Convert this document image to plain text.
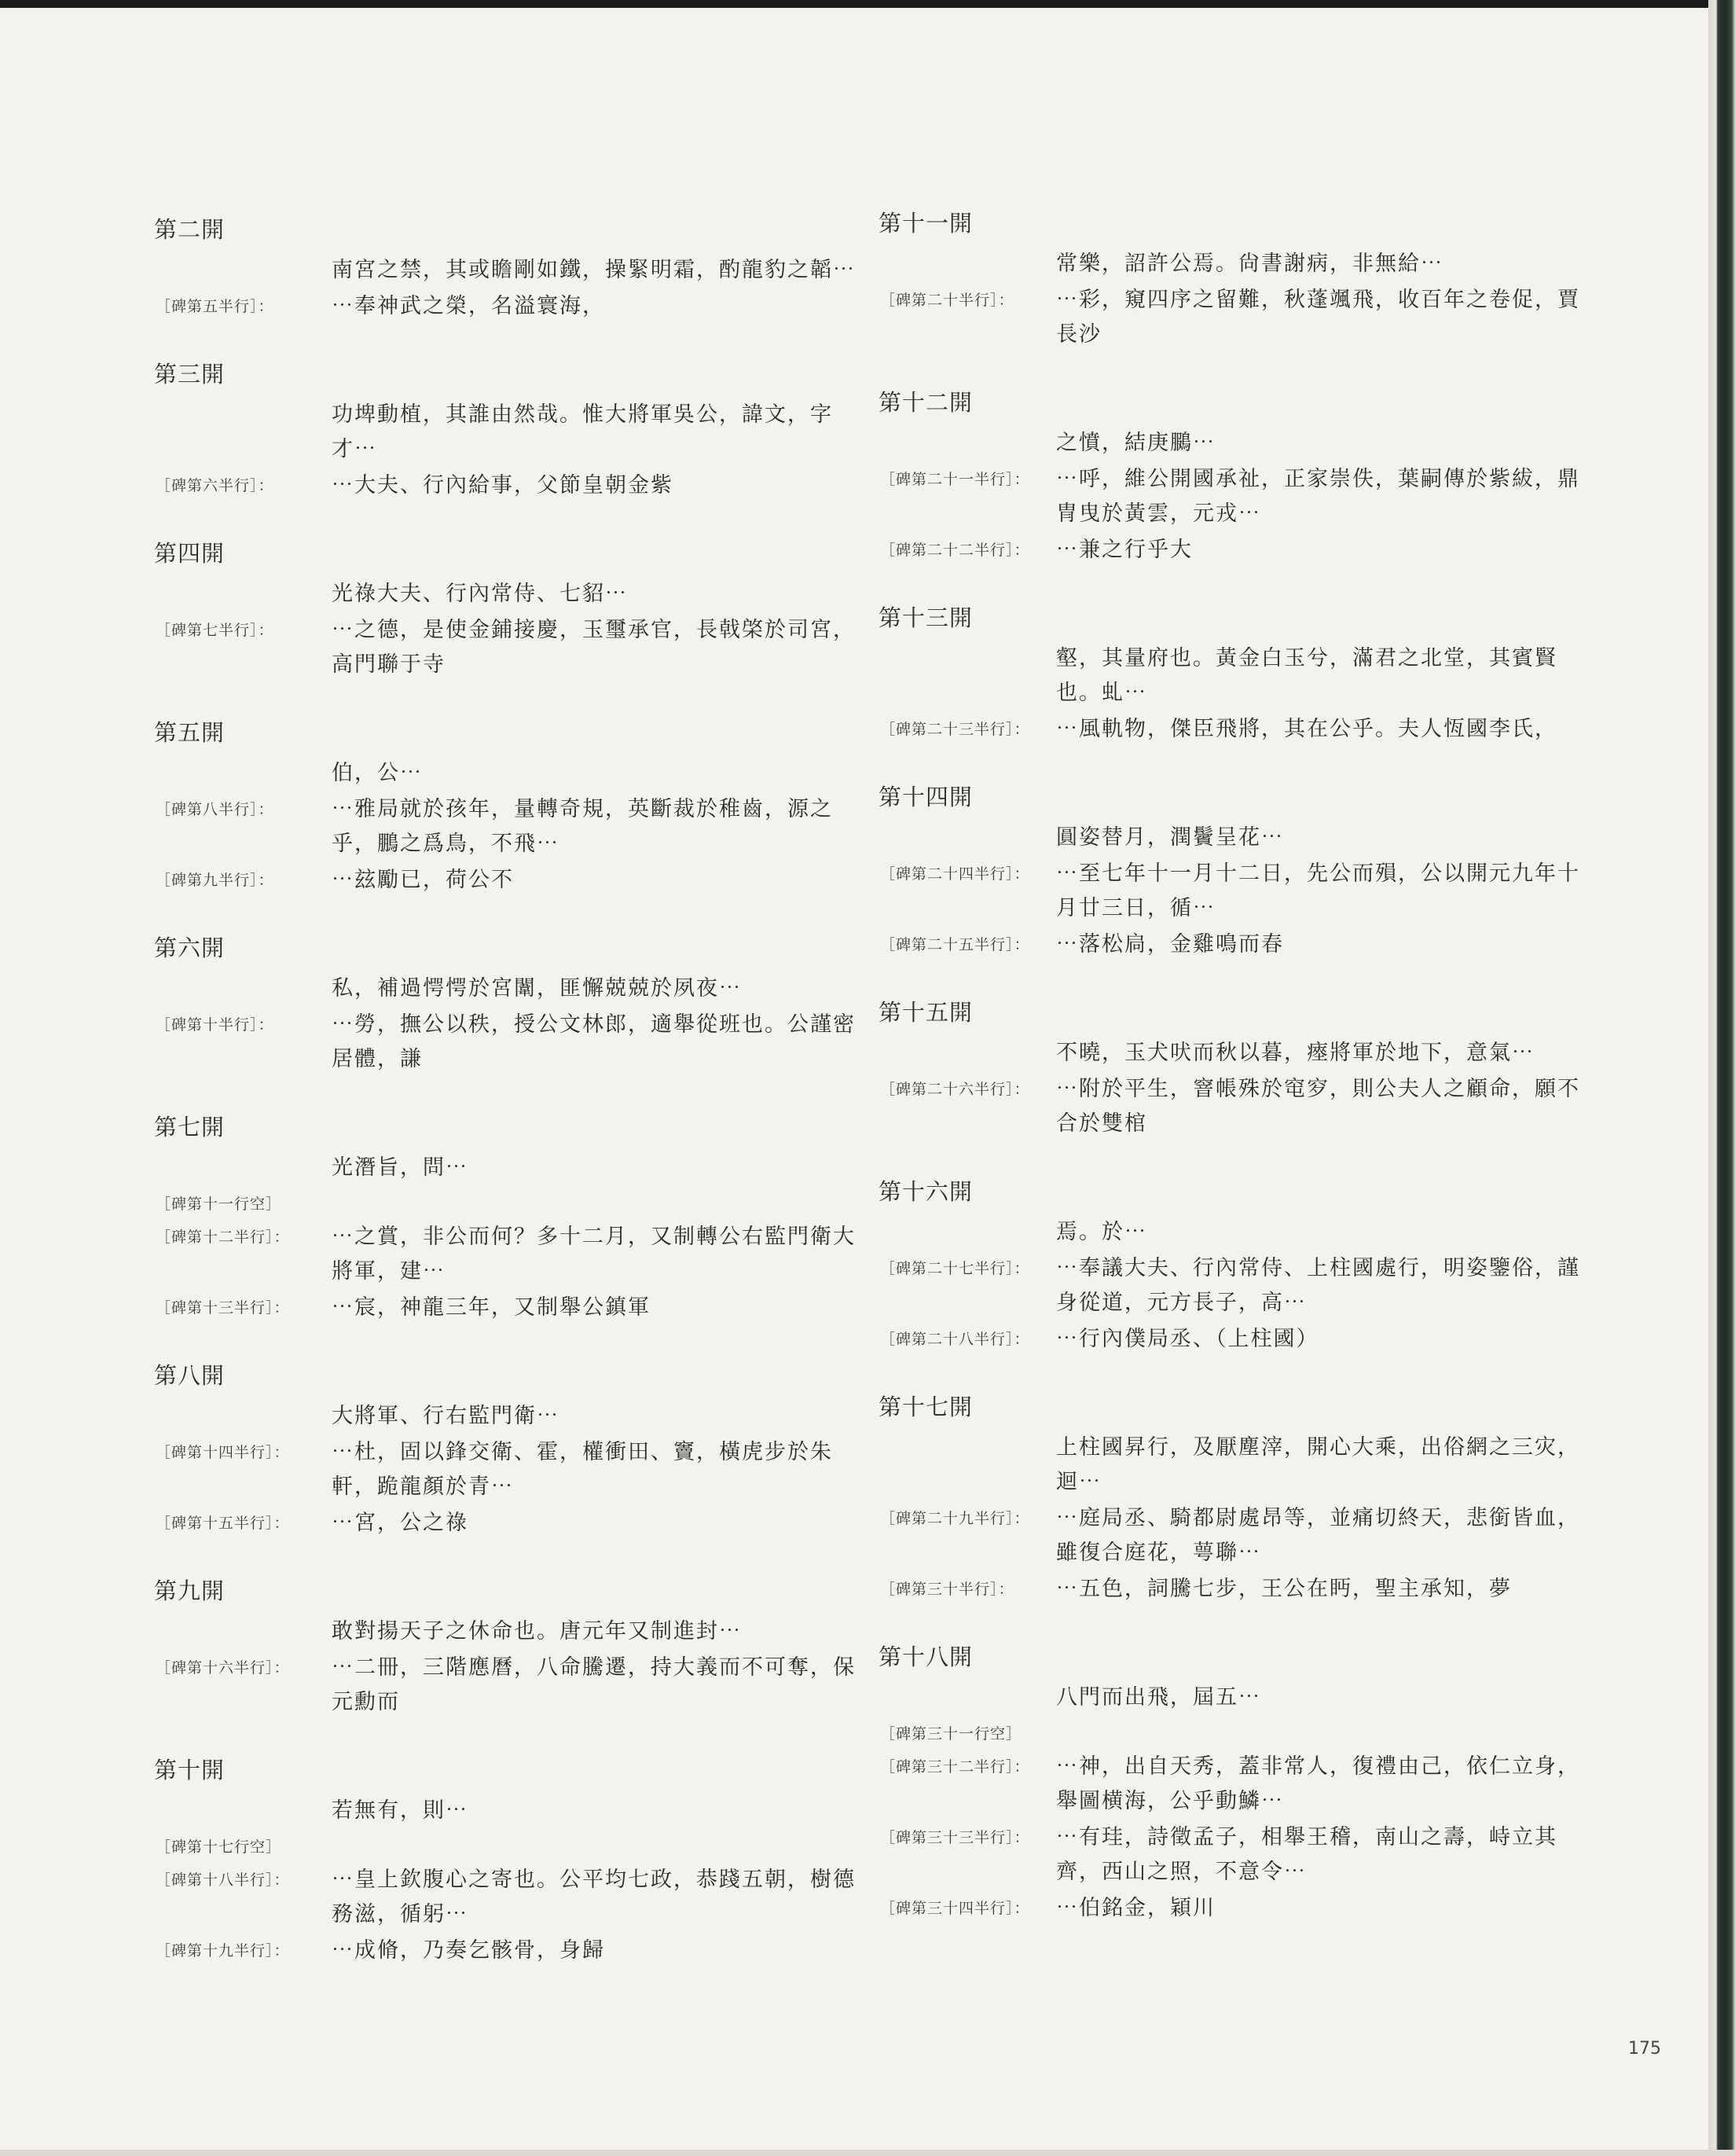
第二開
南宮之禁，其或瞻剛如鐵，操緊明霜，酌龍豹之韜⋯
［碑第五半行］：	⋯奉神武之榮，名溢寰海，
第三開
功埤動植，其誰由然哉。惟大將軍吳公，諱文，字才⋯
［碑第六半行］：	⋯大夫、行內給事，父節皇朝金紫
第四開
光祿大夫、行內常侍、七貂⋯
［碑第七半行］：	⋯之德，是使金鋪接慶，玉璽承官，長戟棨於司宮，高門聯于寺
第五開
伯，公⋯
［碑第八半行］：	⋯雅局就於孩年，量轉奇規，英斷裁於稚齒，源之乎，鵬之爲鳥，不飛⋯
［碑第九半行］：	⋯玆勵已，荷公不
第六開
私，補過愕愕於宮闈，匪懈兢兢於夙夜⋯
［碑第十半行］：	⋯勞，撫公以秩，授公文林郎，適舉從班也。公謹密居體，謙
第七開
光潛旨，問⋯
［碑第十一行空］
［碑第十二半行］： ⋯之賞，非公而何？多十二月，又制轉公右監門衛大將軍，建⋯
［碑第十三半行］： ⋯宸，神龍三年，又制舉公鎮軍
第八開
大將軍、行右監門衛⋯
［碑第十四半行］： ⋯杜，固以鋒交衛、霍，權衝田、竇，橫虎步於朱軒，跪龍顏於青⋯
［碑第十五半行］： ⋯宮，公之祿
第九開
敢對揚天子之休命也。唐元年又制進封⋯
［碑第十六半行］： ⋯二冊，三階應曆，八命騰遷，持大義而不可奪，保元勳而
第十開
若無有，則⋯
［碑第十七行空］
［碑第十八半行］： ⋯皇上欽腹心之寄也。公平均七政，恭踐五朝，樹德務滋，循躬⋯
［碑第十九半行］： ⋯成脩，乃奏乞骸骨，身歸
第十一開
常樂，詔許公焉。尙書謝病，非無給⋯
［碑第二十半行］： ⋯彩，窺四序之留難，秋蓬颯飛，收百年之卷促，賈長沙
第十二開
之憤，結庚鵩⋯
［碑第二十一半行］： ⋯呼，維公開國承祉，正家崇佚，葉嗣傳於紫紱，鼎冑曳於黃雲，元戎⋯
［碑第二十二半行］： ⋯兼之行乎大
第十三開
壑，其量府也。黃金白玉兮，滿君之北堂，其賓賢也。虬⋯
［碑第二十三半行］： ⋯風軌物，傑臣飛將，其在公乎。夫人恆國李氏，
第十四開
圓姿替月，潤鬢呈花⋯
［碑第二十四半行］： ⋯至七年十一月十二日，先公而殞，公以開元九年十月廿三日，循⋯
［碑第二十五半行］： ⋯落松扃，金雞鳴而春
第十五開
不曉，玉犬吠而秋以暮，瘞將軍於地下，意氣⋯
［碑第二十六半行］： ⋯附於平生，窨帳殊於窀穸，則公夫人之顧命，願不合於雙棺
第十六開
焉。於⋯
［碑第二十七半行］： ⋯奉議大夫、行內常侍、上柱國處行，明姿鑒俗，謹身從道，元方長子，高⋯
［碑第二十八半行］： ⋯行內僕局丞、（上柱國）
第十七開
上柱國昇行，及厭塵滓，開心大乘，出俗網之三灾，迴⋯
［碑第二十九半行］： ⋯庭局丞、騎都尉處昂等，並痛切終天，悲銜皆血，雖復合庭花，萼聯⋯
［碑第三十半行］： ⋯五色，詞騰七步，王公在眄，聖主承知，夢
第十八開
八門而出飛，屆五⋯
［碑第三十一行空］
［碑第三十二半行］： ⋯神，出自天秀，蓋非常人，復禮由己，依仁立身，舉圖横海，公乎動鱗⋯
［碑第三十三半行］： ⋯有珪，詩徵孟子，相舉王稽，南山之壽，峙立其齊，西山之照，不意令⋯
［碑第三十四半行］： ⋯伯銘金，穎川
175
